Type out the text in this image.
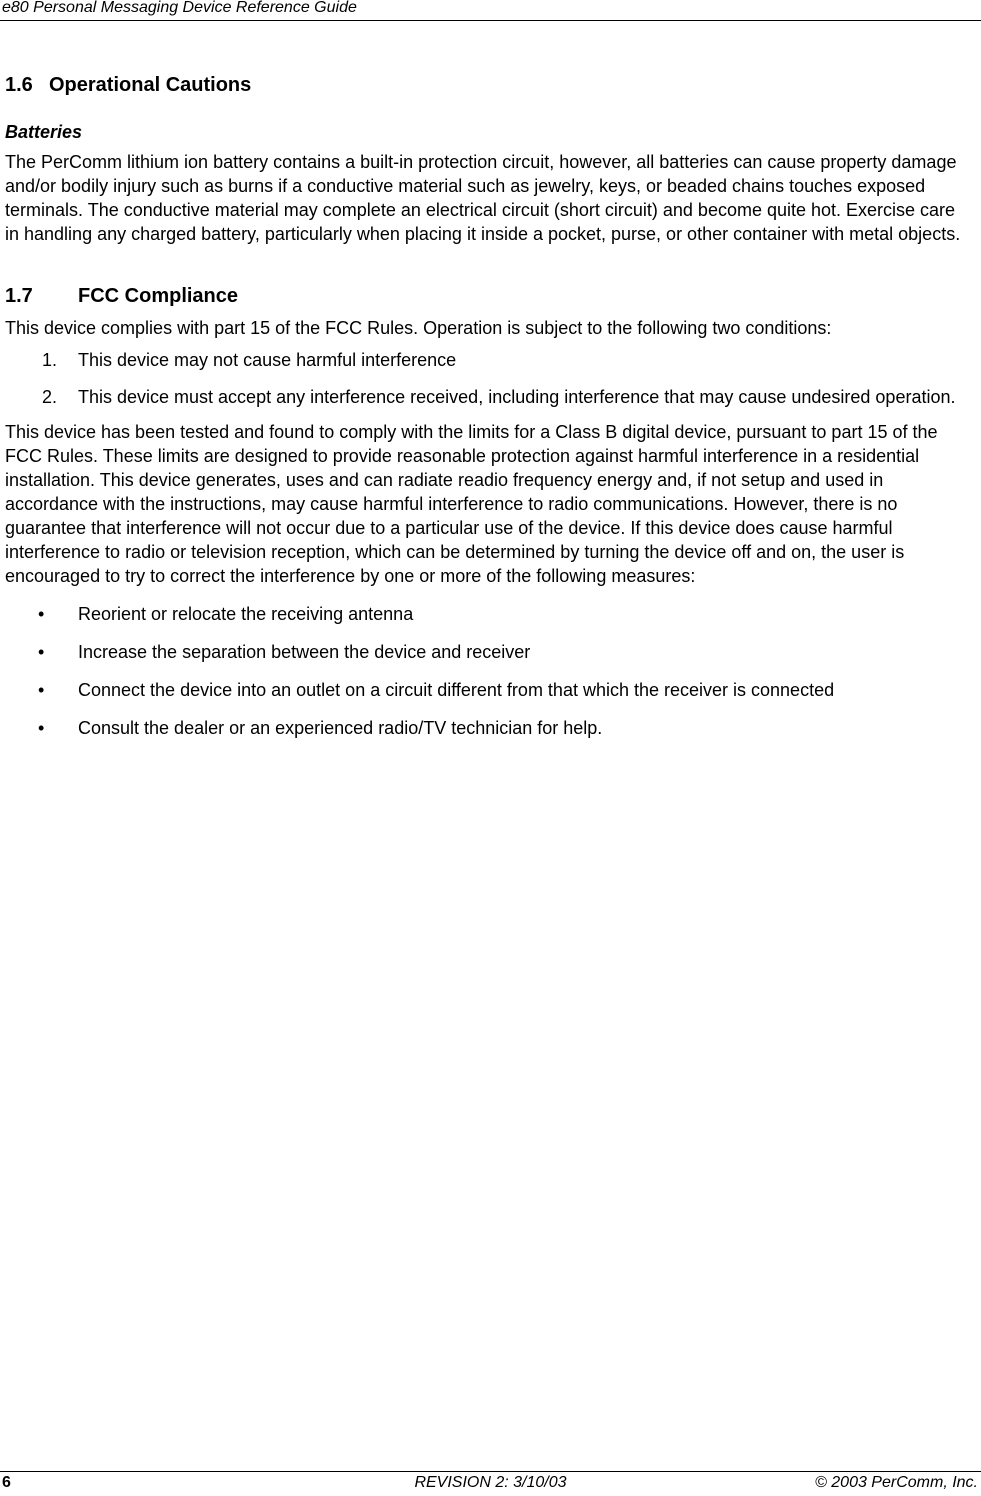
e80 Personal Messaging Device Reference Guide
1.6 Operational Cautions
Batteries

The PerComm lithium ion battery contains a built-in protection circuit, however, all batteries can cause property damage and/or bodily injury such as burns if a conductive material such as jewelry, keys, or beaded chains touches exposed terminals. The conductive material may complete an electrical circuit (short circuit) and become quite hot. Exercise care in handling any charged battery, particularly when placing it inside a pocket, purse, or other container with metal objects.

1.7 FCC Compliance

This device complies with part 15 of the FCC Rules. Operation is subject to the following two conditions:

1. This device may not cause harmful interference
2. This device must accept any interference received, including interference that may cause undesired operation.

This device has been tested and found to comply with the limits for a Class B digital device, pursuant to part 15 of the FCC Rules. These limits are designed to provide reasonable protection against harmful interference in a residential installation. This device generates, uses and can radiate readio frequency energy and, if not setup and used in accordance with the instructions, may cause harmful interference to radio communications. However, there is no guarantee that interference will not occur due to a particular use of the device. If this device does cause harmful interference to radio or television reception, which can be determined by turning the device off and on, the user is encouraged to try to correct the interference by one or more of the following measures:

• Reorient or relocate the receiving antenna
• Increase the separation between the device and receiver
• Connect the device into an outlet on a circuit different from that which the receiver is connected
• Consult the dealer or an experienced radio/TV technician for help.
6	REVISION 2: 3/10/03	© 2003 PerComm, Inc.
